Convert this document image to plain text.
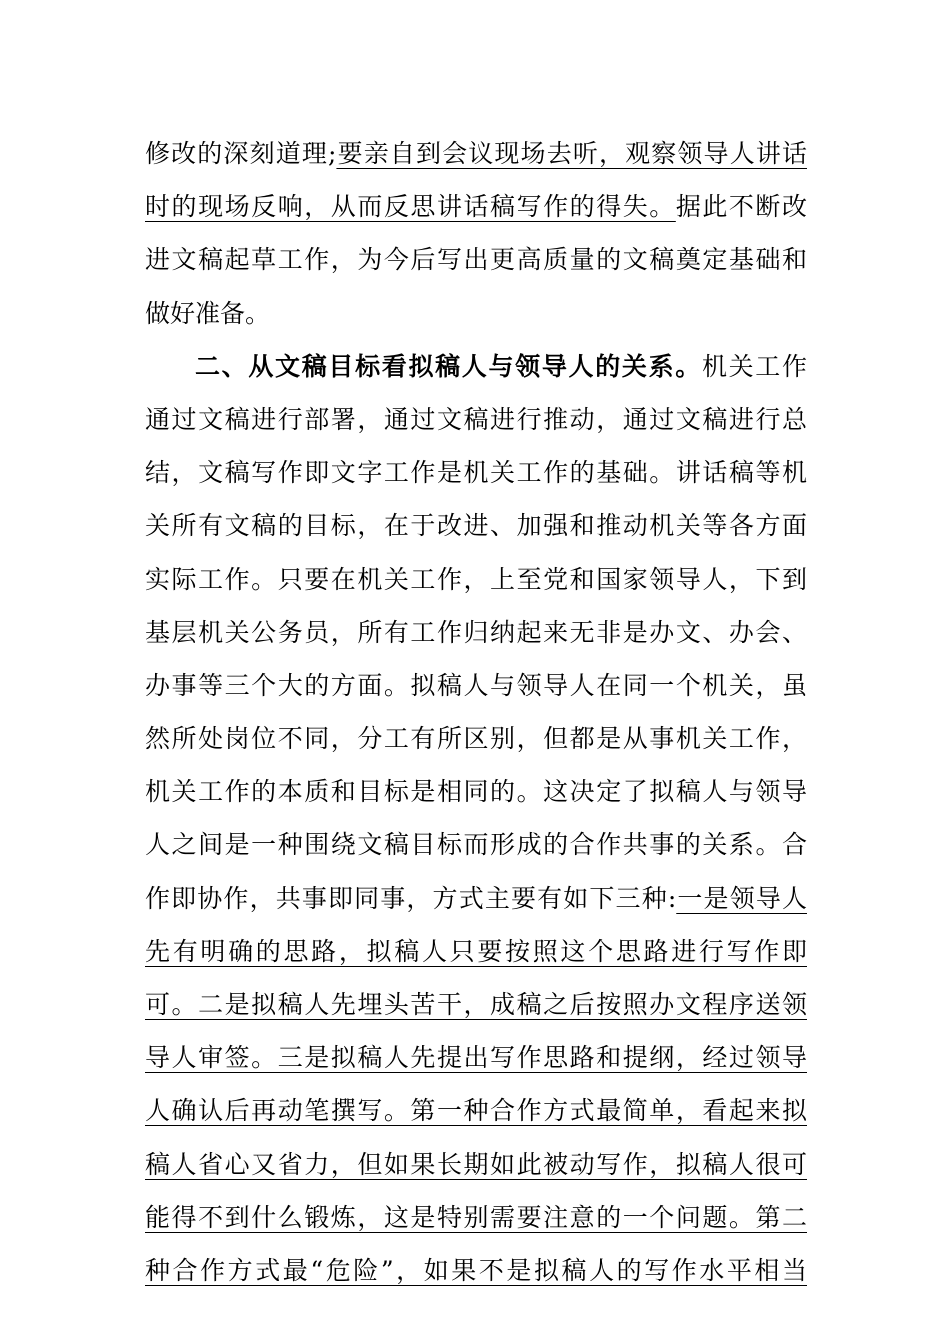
修改的深刻道理;要亲自到会议现场去听，观察领导人讲话
时的现场反响，从而反思讲话稿写作的得失。据此不断改
进文稿起草工作，为今后写出更高质量的文稿奠定基础和
做好准备。
二、从文稿目标看拟稿人与领导人的关系。机关工作
通过文稿进行部署，通过文稿进行推动，通过文稿进行总
结，文稿写作即文字工作是机关工作的基础。讲话稿等机
关所有文稿的目标，在于改进、加强和推动机关等各方面
实际工作。只要在机关工作，上至党和国家领导人，下到
基层机关公务员，所有工作归纳起来无非是办文、办会、
办事等三个大的方面。拟稿人与领导人在同一个机关，虽
然所处岗位不同，分工有所区别，但都是从事机关工作，
机关工作的本质和目标是相同的。这决定了拟稿人与领导
人之间是一种围绕文稿目标而形成的合作共事的关系。合
作即协作，共事即同事，方式主要有如下三种:一是领导人
先有明确的思路，拟稿人只要按照这个思路进行写作即
可。二是拟稿人先埋头苦干，成稿之后按照办文程序送领
导人审签。三是拟稿人先提出写作思路和提纲，经过领导
人确认后再动笔撰写。第一种合作方式最简单，看起来拟
稿人省心又省力，但如果长期如此被动写作，拟稿人很可
能得不到什么锻炼，这是特别需要注意的一个问题。第二
种合作方式最“危险”，如果不是拟稿人的写作水平相当
